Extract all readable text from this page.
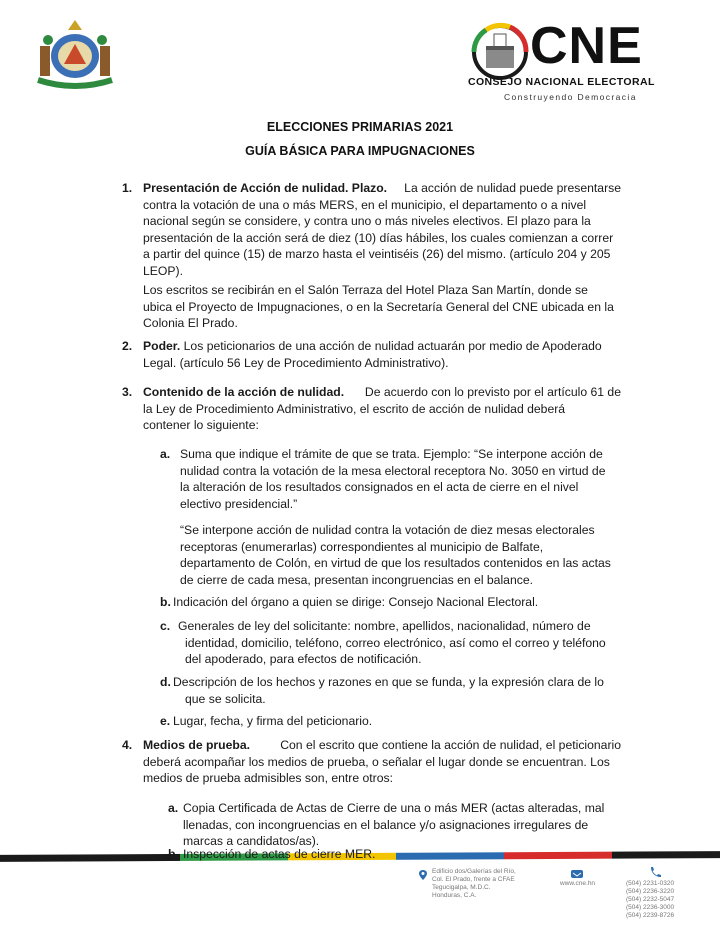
CNE
CONSEJO NACIONAL ELECTORAL
Construyendo Democracia
ELECCIONES PRIMARIAS 2021
GUÍA BÁSICA PARA IMPUGNACIONES
1. Presentación de Acción de nulidad. Plazo. La acción de nulidad puede presentarse
contra la votación de una o más MERS, en el municipio, el departamento o a nivel
nacional según se considere, y contra uno o más niveles electivos. El plazo para la
presentación de la acción será de diez (10) días hábiles, los cuales comienzan a correr
a partir del quince (15) de marzo hasta el veintiséis (26) del mismo. (artículo 204 y 205
LEOP).
Los escritos se recibirán en el Salón Terraza del Hotel Plaza San Martín, donde se
ubica el Proyecto de Impugnaciones, o en la Secretaría General del CNE ubicada en la
Colonia El Prado.
2. Poder. Los peticionarios de una acción de nulidad actuarán por medio de Apoderado
Legal. (artículo 56 Ley de Procedimiento Administrativo).
3. Contenido de la acción de nulidad. De acuerdo con lo previsto por el artículo 61 de
la Ley de Procedimiento Administrativo, el escrito de acción de nulidad deberá
contener lo siguiente:
a. Suma que indique el trámite de que se trata. Ejemplo: “Se interpone acción de
nulidad contra la votación de la mesa electoral receptora No. 3050 en virtud de
la alteración de los resultados consignados en el acta de cierre en el nivel
electivo presidencial.”
“Se interpone acción de nulidad contra la votación de diez mesas electorales
receptoras (enumerarlas) correspondientes al municipio de Balfate,
departamento de Colón, en virtud de que los resultados contenidos en las actas
de cierre de cada mesa, presentan incongruencias en el balance.
b. Indicación del órgano a quien se dirige: Consejo Nacional Electoral.
c. Generales de ley del solicitante: nombre, apellidos, nacionalidad, número de
identidad, domicilio, teléfono, correo electrónico, así como el correo y teléfono
del apoderado, para efectos de notificación.
d. Descripción de los hechos y razones en que se funda, y la expresión clara de lo
que se solicita.
e. Lugar, fecha, y firma del peticionario.
4. Medios de prueba. Con el escrito que contiene la acción de nulidad, el peticionario
deberá acompañar los medios de prueba, o señalar el lugar donde se encuentran. Los
medios de prueba admisibles son, entre otros:
a. Copia Certificada de Actas de Cierre de una o más MER (actas alteradas, mal
llenadas, con incongruencias en el balance y/o asignaciones irregulares de
marcas a candidatos/as).
b. Inspección de actas de cierre MER.
Edificio dos/Galerías del Río,
Col. El Prado, frente a CFAE
Tegucigalpa, M.D.C.
Honduras, C.A.
www.cne.hn	(504) 2231-0320
(504) 2236-3220
(504) 2232-5047
(504) 2236-3000
(504) 2239-8726
